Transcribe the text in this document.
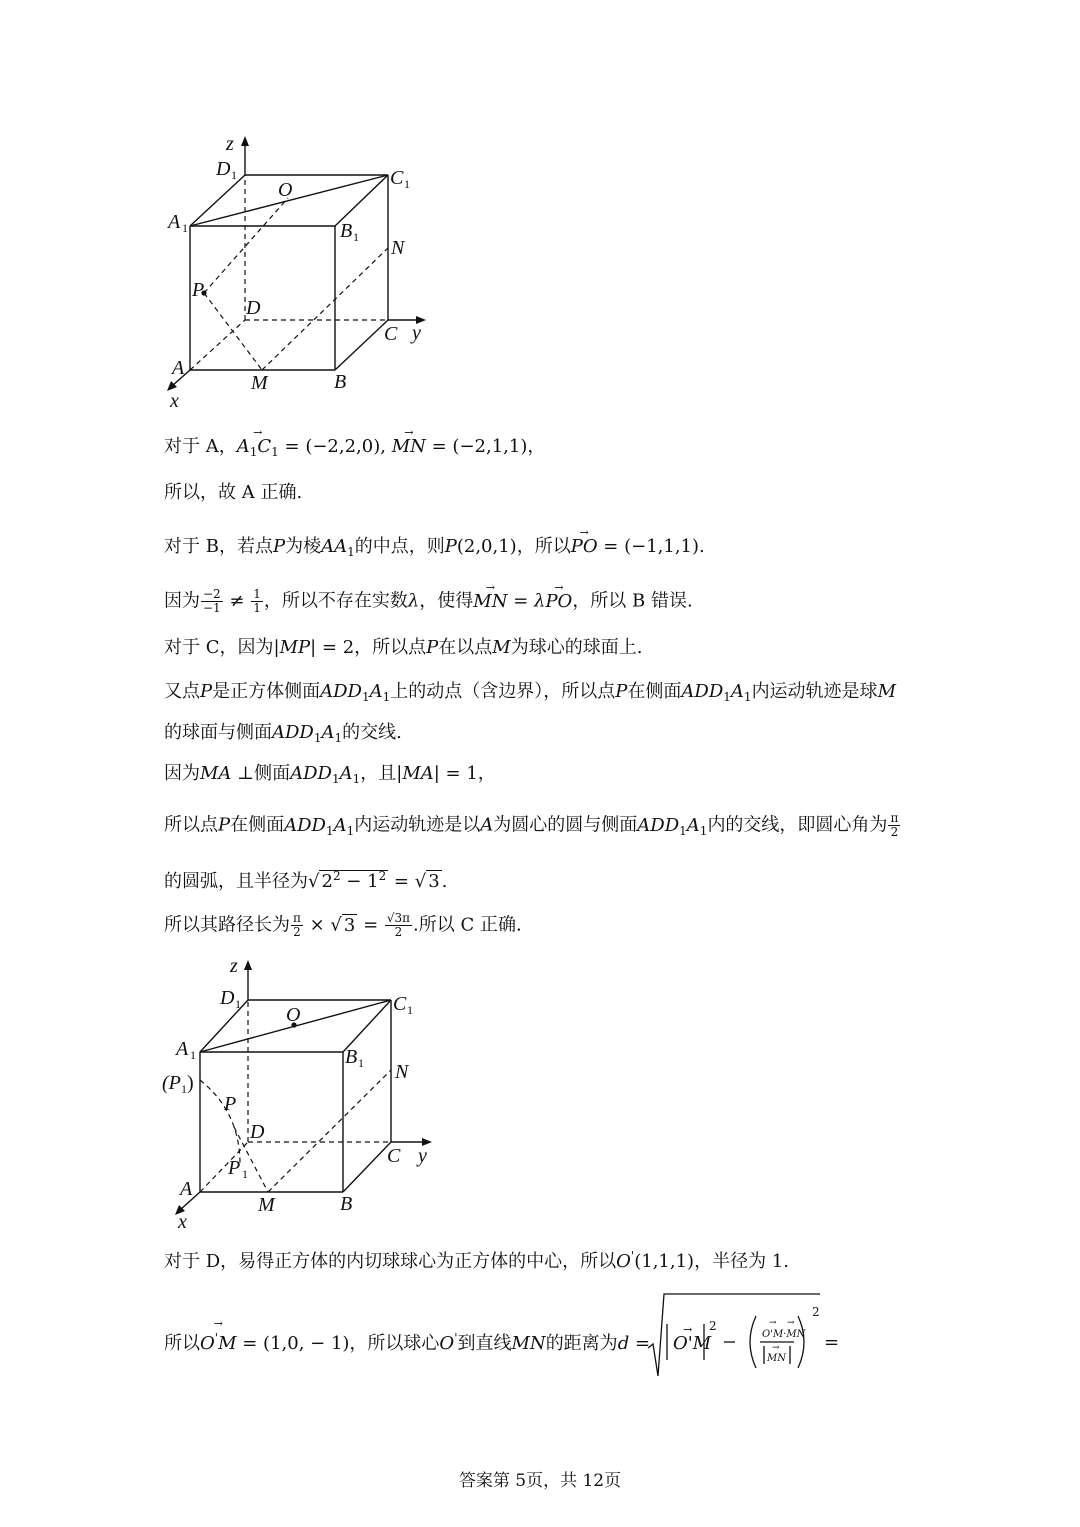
z
D 1
O
C 1
A 1	B 1 N
P
D
C y
A
M	B
x
对于 A，→ $A_1C_1 = (-2,2,0)$, → MN = (−2,1,1)，
所以，故 A 正确.
对于 B，若点P为棱$AA_1$的中点，则P(2,0,1)，所以→ PO = (−1,1,1).
因为 $\frac{-2}{-1} \ne \frac{1}{1}$ ，所以不存在实数λ，使得→ MN = λ→ PO，所以 B 错误.
对于 C，因为|MP| = 2，所以点P在以点M为球心的球面上.
又点P是正方体侧面$ADD_1A_1$上的动点（含边界），所以点P在侧面$ADD_1A_1$内运动轨迹是球M
的球面与侧面$ADD_1A_1$的交线.
因为MA ⊥侧面$ADD_1A_1$，且|MA| = 1，
所以点P在侧面$ADD_1A_1$内运动轨迹是以A为圆心的圆与侧面$ADD_1A_1$内的交线，即圆心角为 $\frac{\pi}{2}$
的圆弧，且半径为√ $2^2 - 1^2$ = √ 3 .
所以其路径长为 $\frac{\pi}{2}$ × √ $3 = \frac{√3\pi}{2}$ .所以 C 正确.
z
D 1 O	C 1
A 1
(P 1 )
B 1 N
P
D
C y
P 1
A
M	B
x
对于 D，易得正方体的内切球球心为正方体的中心，所以O'(1,1,1)，半径为 1.
所以→ O'M = (1,0, − 1)，所以球心O'到直线MN的距离为d = O'M
→ 2
O'M·MN
→ →
MN
→
2
=
答案第 5页，共 12页
